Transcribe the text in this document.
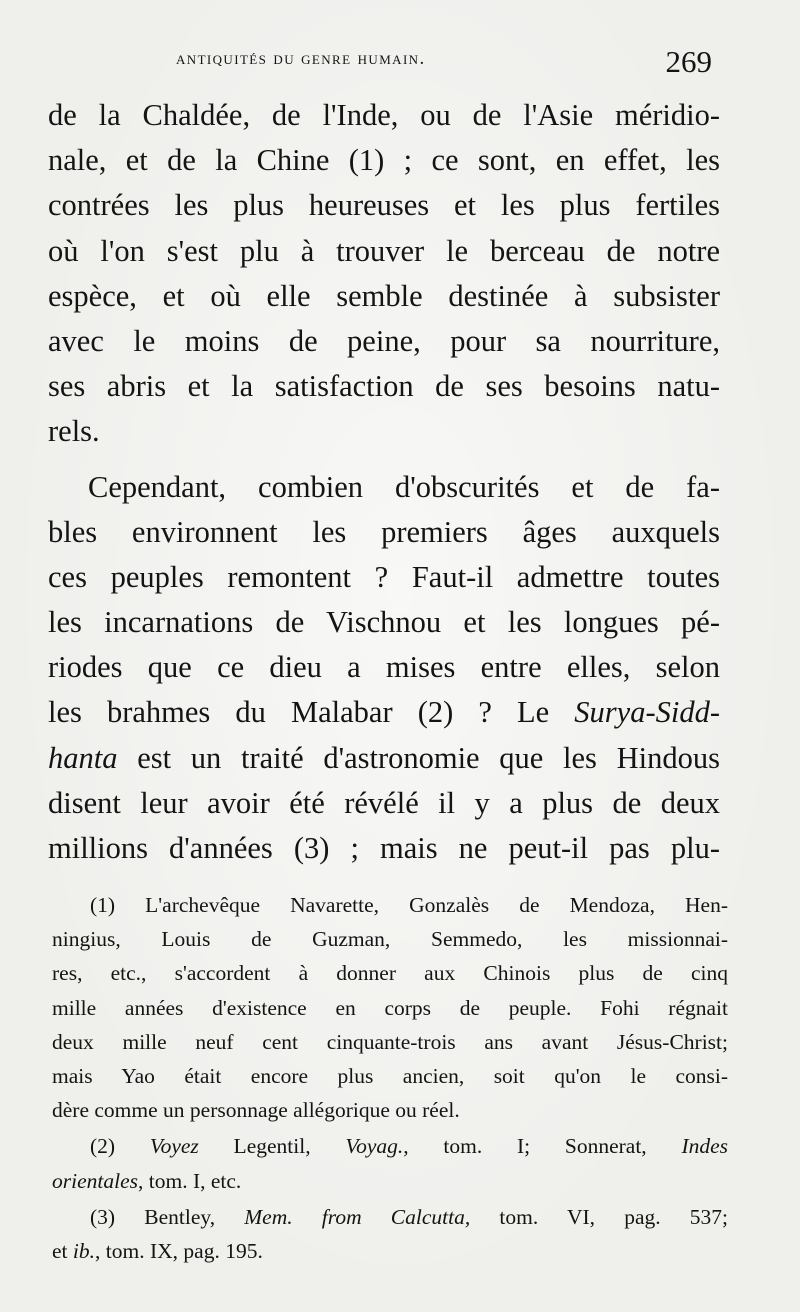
antiquités du genre humain.	269
de la Chaldée, de l'Inde, ou de l'Asie méridio-
nale, et de la Chine (1) ; ce sont, en effet, les
contrées les plus heureuses et les plus fertiles
où l'on s'est plu à trouver le berceau de notre
espèce, et où elle semble destinée à subsister
avec le moins de peine, pour sa nourriture,
ses abris et la satisfaction de ses besoins natu-
rels.
Cependant, combien d'obscurités et de fa-
bles environnent les premiers âges auxquels
ces peuples remontent ? Faut-il admettre toutes
les incarnations de Vischnou et les longues pé-
riodes que ce dieu a mises entre elles, selon
les brahmes du Malabar (2) ? Le Surya-Sidd-
hanta est un traité d'astronomie que les Hindous
disent leur avoir été révélé il y a plus de deux
millions d'années (3) ; mais ne peut-il pas plu-
(1) L'archevêque Navarette, Gonzalès de Mendoza, Hen-
ningius, Louis de Guzman, Semmedo, les missionnai-
res, etc., s'accordent à donner aux Chinois plus de cinq
mille années d'existence en corps de peuple. Fohi régnait
deux mille neuf cent cinquante-trois ans avant Jésus-Christ;
mais Yao était encore plus ancien, soit qu'on le consi-
dère comme un personnage allégorique ou réel.
(2) Voyez Legentil, Voyag., tom. I; Sonnerat, Indes
orientales, tom. I, etc.
(3) Bentley, Mem. from Calcutta, tom. VI, pag. 537;
et ib., tom. IX, pag. 195.
